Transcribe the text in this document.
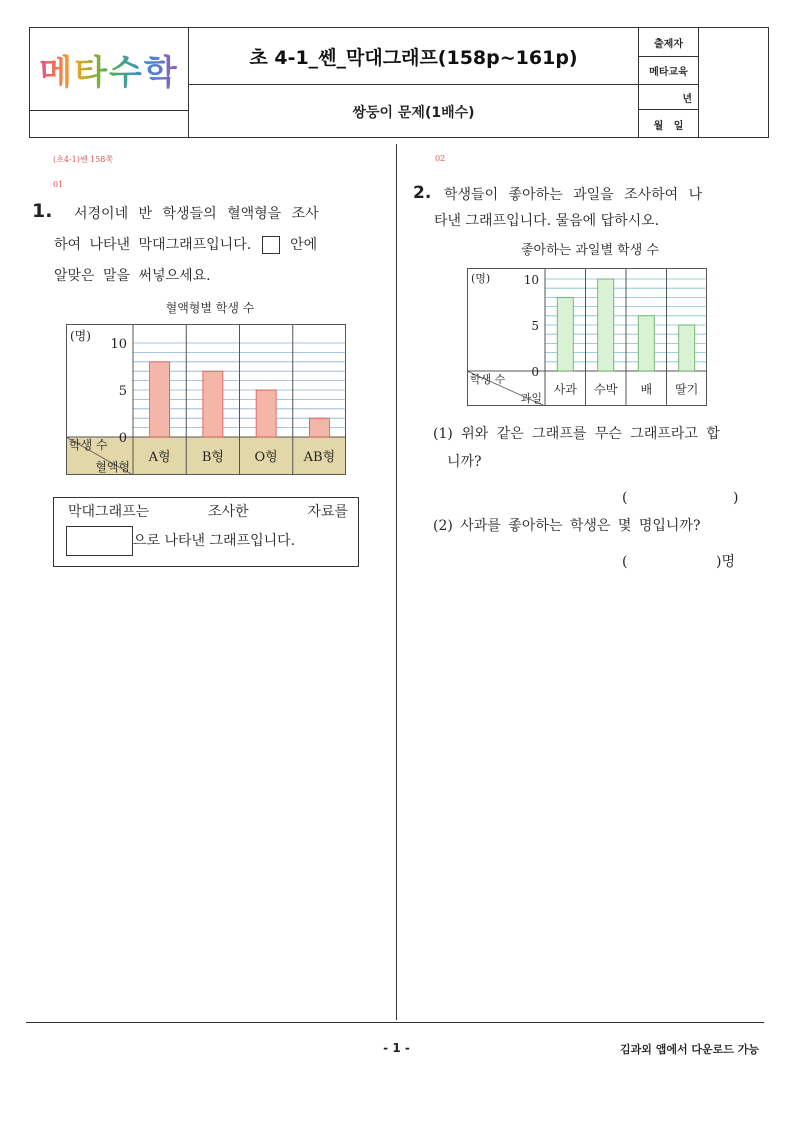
메타수학	초 4-1_쎈_막대그래프(158p~161p)
쌍둥이 문제(1배수)
출제자
메타교육
년
월   일
(초4-1)쎈 158쪽
01
1.	서경이네 반 학생들의 혈액형을 조사
하여 나타낸 막대그래프입니다.	안에
알맞은 말을 써넣으세요.
혈액형별 학생 수
학생 수
혈액형
(명)
10
5
0
A형 B형 O형 AB형
막대그래프는	조사한	자료를
으로 나타낸 그래프입니다.
02
2. 학생들이 좋아하는 과일을 조사하여 나
타낸 그래프입니다. 물음에 답하시오.
좋아하는 과일별 학생 수
학생 수
과일
(명)	10
5
0
사과 수박 배 딸기
(1) 위와 같은 그래프를 무슨 그래프라고 합
니까?
(	)
(2) 사과를 좋아하는 학생은 몇 명입니까?
(	)명
- 1 -	김과외 앱에서 다운로드 가능
